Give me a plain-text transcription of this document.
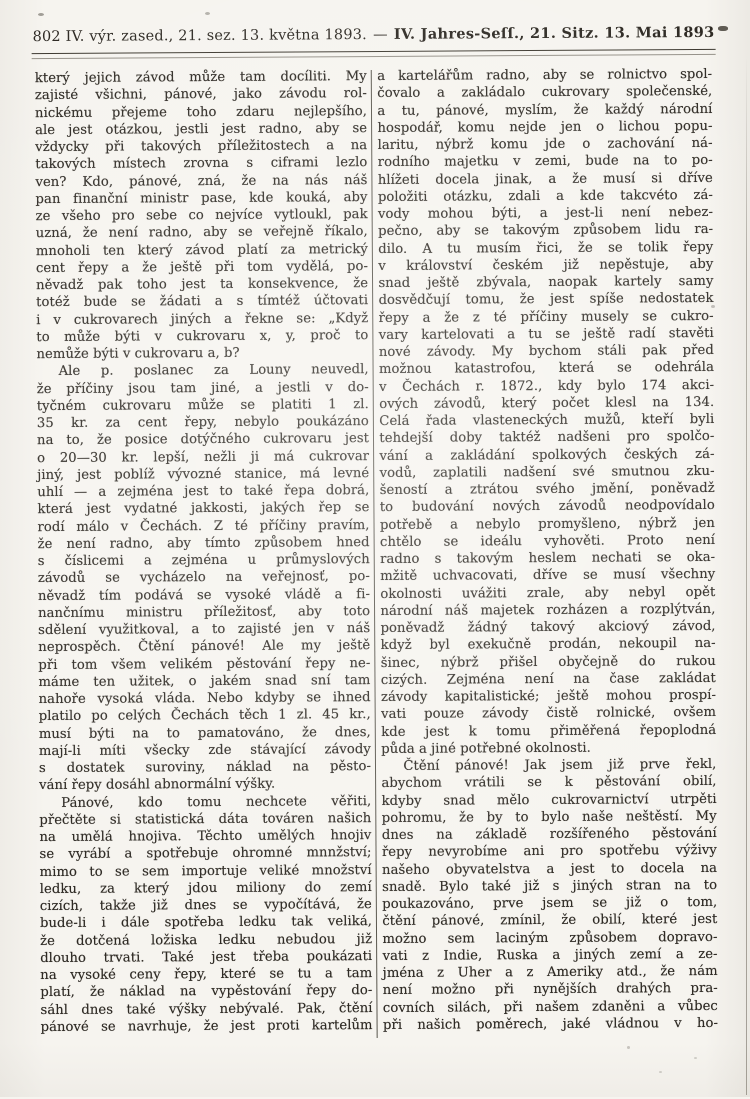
802 IV. výr. zased., 21. sez. 13. května 1893. — IV. Jahres-Seſſ., 21. Sitz. 13. Mai 1893
který jejich závod může tam docíliti. My
zajisté všichni, pánové, jako závodu rol-
nickému přejeme toho zdaru nejlepšího,
ale jest otázkou, jestli jest radno, aby se
vždycky při takových příležitostech a na
takových místech zrovna s ciframi lezlo
ven? Kdo, pánové, zná, že na nás náš
pan finanční ministr pase, kde kouká, aby
ze všeho pro sebe co nejvíce vytloukl, pak
uzná, že není radno, aby se veřejně říkalo,
mnoholi ten který závod platí za metrický
cent řepy a že ještě při tom vydělá, po-
něvadž pak toho jest ta konsekvence, že
totéž bude se žádati a s tímtéž účtovati
i v cukrovarech jiných a řekne se: „Když
to může býti v cukrovaru x, y, proč to
nemůže býti v cukrovaru a, b?
Ale p. poslanec za Louny neuvedl,
že příčiny jsou tam jiné, a jestli v do-
tyčném cukrovaru může se platiti 1 zl.
35 kr. za cent řepy, nebylo poukázáno
na to, že posice dotýčného cukrovaru jest
o 20—30 kr. lepší, nežli ji má cukrovar
jiný, jest poblíž vývozné stanice, má levné
uhlí — a zejména jest to také řepa dobrá,
která jest vydatné jakkosti, jakých řep se
rodí málo v Čechách. Z té příčiny pravím,
že není radno, aby tímto způsobem hned
s číslicemi a zejména u průmyslových
závodů se vycházelo na veřejnosť, po-
něvadž tím podává se vysoké vládě a fi-
nančnímu ministru příležitosť, aby toto
sdělení využitkoval, a to zajisté jen v náš
neprospěch. Čtění pánové! Ale my ještě
při tom všem velikém pěstování řepy ne-
máme ten užitek, o jakém snad sní tam
nahoře vysoká vláda. Nebo kdyby se ihned
platilo po celých Čechách těch 1 zl. 45 kr.,
musí býti na to pamatováno, že dnes,
mají-li míti všecky zde stávající závody
s dostatek suroviny, náklad na pěsto-
vání řepy dosáhl abnormální výšky.
Pánové, kdo tomu nechcete věřiti,
přečtěte si statistická dáta továren našich
na umělá hnojiva. Těchto umělých hnojiv
se vyrábí a spotřebuje ohromné mnnžství;
mimo to se sem importuje veliké množství
ledku, za který jdou miliony do zemí
cizích, takže již dnes se vypočítává, že
bude-li i dále spotřeba ledku tak veliká,
že dotčená ložiska ledku nebudou již
dlouho trvati. Také jest třeba poukázati
na vysoké ceny řepy, které se tu a tam
platí, že náklad na vypěstování řepy do-
sáhl dnes také výšky nebývalé. Pak, čtění
pánové se navrhuje, že jest proti kartelům
a kartelářům radno, aby se rolnictvo spol-
čovalo a zakládalo cukrovary společenské,
a tu, pánové, myslím, že každý národní
hospodář, komu nejde jen o lichou popu-
laritu, nýbrž komu jde o zachování ná-
rodního majetku v zemi, bude na to po-
hlížeti docela jinak, a že musí si dříve
položiti otázku, zdali a kde takcvéto zá-
vody mohou býti, a jest-li není nebez-
pečno, aby se takovým způsobem lidu ra-
dilo. A tu musím řici, že se tolik řepy
v království českém již nepěstuje, aby
snad ještě zbývala, naopak kartely samy
dosvědčují tomu, že jest spíše nedostatek
řepy a že z té příčiny musely se cukro-
vary kartelovati a tu se ještě radí stavěti
nové závody. My bychom stáli pak před
možnou katastrofou, která se odehrála
v Čechách r. 1872., kdy bylo 174 akci-
ových závodů, který počet klesl na 134.
Celá řada vlasteneckých mužů, kteří byli
tehdejší doby taktéž nadšeni pro spolčo-
vání a zakládání spolkových českých zá-
vodů, zaplatili nadšení své smutnou zku-
šeností a ztrátou svého jmění, poněvadž
to budování nových závodů neodpovídalo
potřebě a nebylo promyšleno, nýbrž jen
chtělo se ideálu vyhověti. Proto není
radno s takovým heslem nechati se oka-
mžitě uchvacovati, dříve se musí všechny
okolnosti uvážiti zrale, aby nebyl opět
národní náš majetek rozházen a rozplýtván,
poněvadž žádný takový akciový závod,
když byl exekučně prodán, nekoupil na-
šinec, nýbrž přišel obyčejně do rukou
cizých. Zejména není na čase zakládat
závody kapitalistické; ještě mohou prospí-
vati pouze závody čistě rolnické, ovšem
kde jest k tomu přiměřená řepoplodná
půda a jiné potřebné okolnosti.
Čtění pánové! Jak jsem již prve řekl,
abychom vrátili se k pěstování obilí,
kdyby snad mělo cukrovarnictví utrpěti
pohromu, že by to bylo naše neštěstí. My
dnes na základě rozšířeného pěstování
řepy nevyrobíme ani pro spotřebu výživy
našeho obyvatelstva a jest to docela na
snadě. Bylo také již s jiných stran na to
poukazováno, prve jsem se již o tom,
čtění pánové, zmínil, že obilí, které jest
možno sem laciným způsobem dopravo-
vati z Indie, Ruska a jiných zemí a ze-
jména z Uher a z Ameriky atd., že nám
není možno při nynějších drahých pra-
covních silách, při našem zdaněni a vůbec
při našich poměrech, jaké vládnou v ho-
